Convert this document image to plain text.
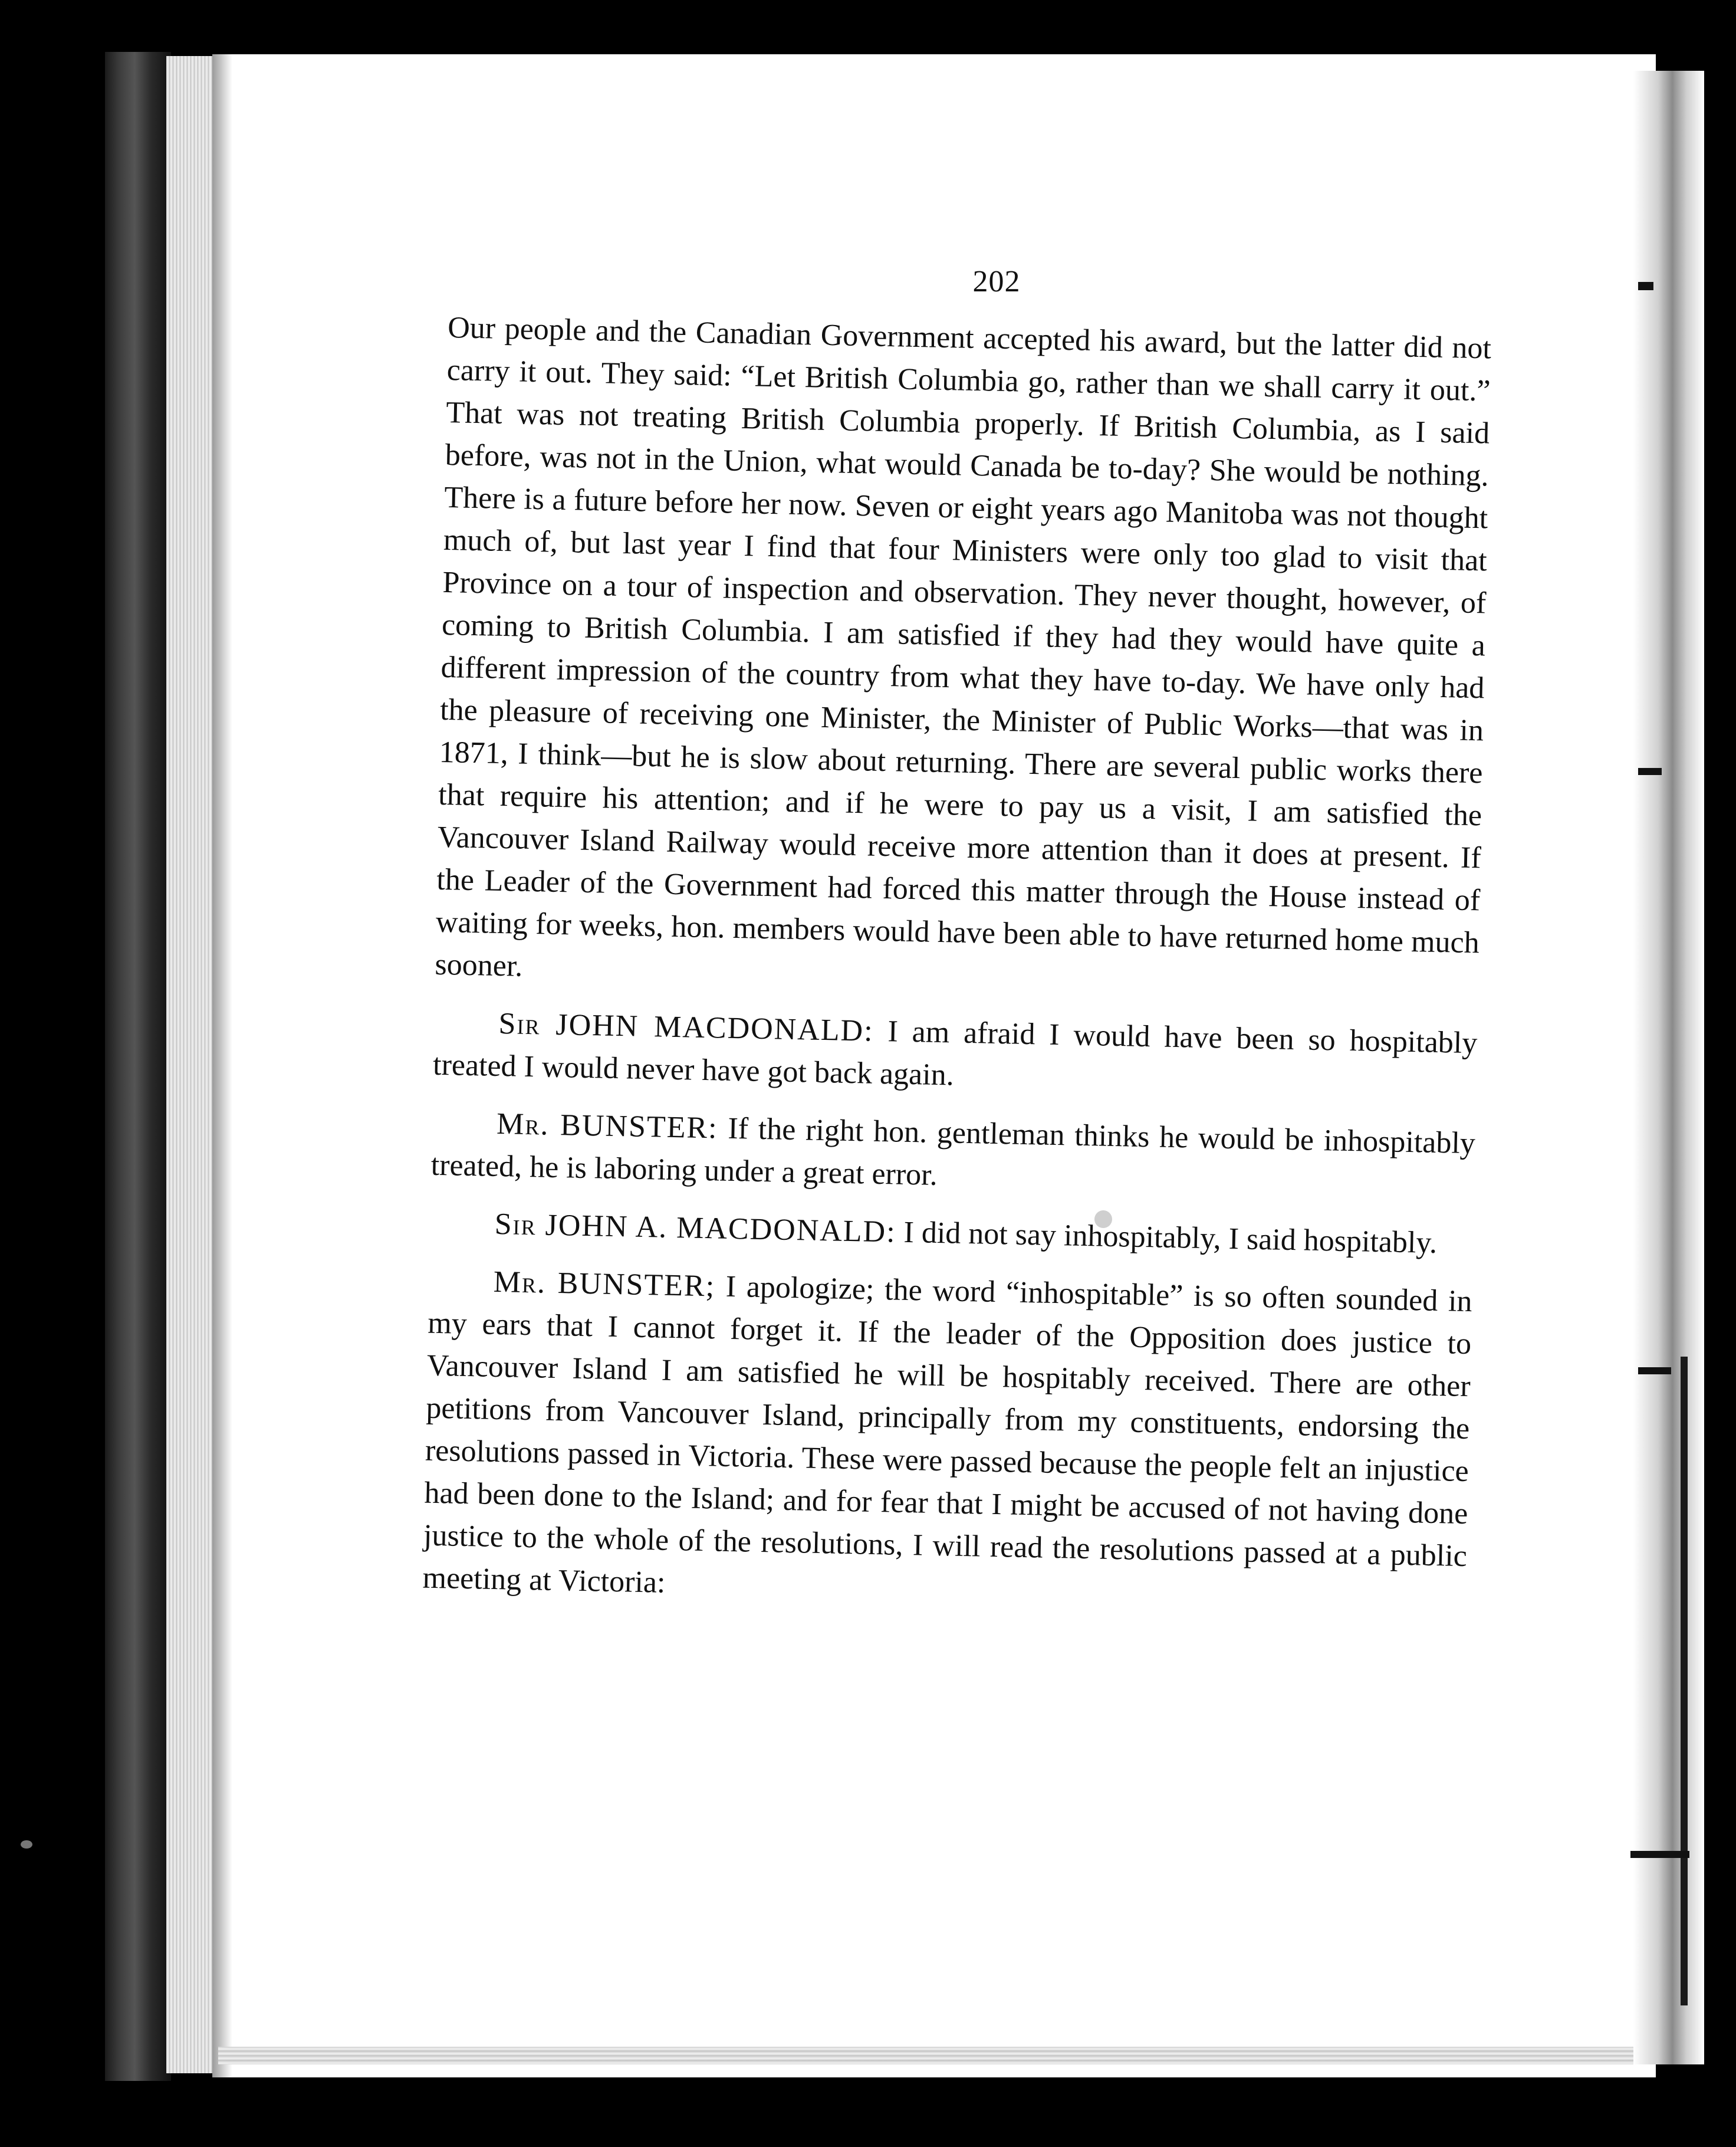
202

Our people and the Canadian Government accepted his award, but the latter did not carry it out. They said: “Let British Columbia go, rather than we shall carry it out.” That was not treating British Columbia properly. If British Columbia, as I said before, was not in the Union, what would Canada be to-day? She would be nothing. There is a future before her now. Seven or eight years ago Manitoba was not thought much of, but last year I find that four Ministers were only too glad to visit that Province on a tour of inspection and observation. They never thought, however, of coming to British Columbia. I am satisfied if they had they would have quite a different impression of the country from what they have to-day. We have only had the pleasure of receiving one Minister, the Minister of Public Works—that was in 1871, I think—but he is slow about returning. There are several public works there that require his attention; and if he were to pay us a visit, I am satisfied the Vancouver Island Railway would receive more attention than it does at present. If the Leader of the Government had forced this matter through the House instead of waiting for weeks, hon. members would have been able to have returned home much sooner.

Sir JOHN MACDONALD: I am afraid I would have been so hospitably treated I would never have got back again.

Mr. BUNSTER: If the right hon. gentleman thinks he would be inhospitably treated, he is laboring under a great error.

Sir JOHN A. MACDONALD: I did not say inhospitably, I said hospitably.

Mr. BUNSTER; I apologize; the word “inhospitable” is so often sounded in my ears that I cannot forget it. If the leader of the Opposition does justice to Vancouver Island I am satisfied he will be hospitably received. There are other petitions from Vancouver Island, principally from my constituents, endorsing the resolutions passed in Victoria. These were passed because the people felt an injustice had been done to the Island; and for fear that I might be accused of not having done justice to the whole of the resolutions, I will read the resolutions passed at a public meeting at Victoria:
